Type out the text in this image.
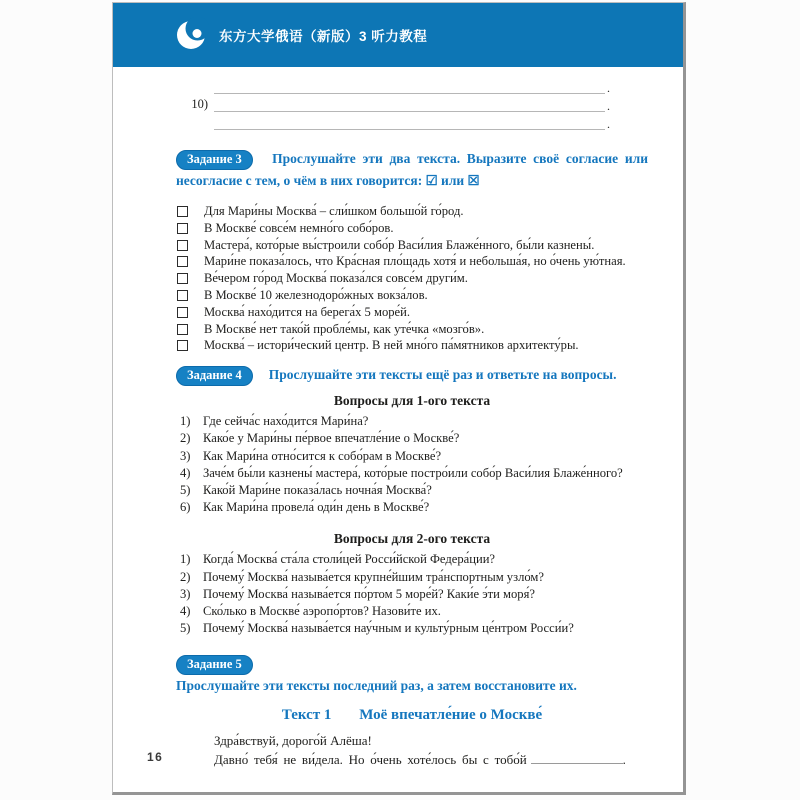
东方大学俄语（新版）3 听力教程
.
10)	.
.
Задание 3 Прослушайте эти два текста. Выразите своё согласие или несогласие с тем, о чём в них говорится: ☑ или ☒
Для Мари́ны Москва́ – сли́шком большо́й го́род.
В Москве́ совсе́м немно́го собо́ров.
Мастера́, кото́рые вы́строили собо́р Васи́лия Блаже́нного, бы́ли казнены́.
Мари́не показа́лось, что Кра́сная пло́щадь хотя́ и небольша́я, но о́чень ую́тная.
Ве́чером го́род Москва́ показа́лся совсе́м други́м.
В Москве́ 10 железнодоро́жных вокза́лов.
Москва́ нахо́дится на берега́х 5 море́й.
В Москве́ нет тако́й пробле́мы, как уте́чка «мозго́в».
Москва́ – истори́ческий центр. В ней мно́го па́мятников архитекту́ры.
Задание 4 Прослушайте эти тексты ещё раз и ответьте на вопросы.
Вопросы для 1-ого текста
1) Где сейча́с нахо́дится Мари́на?
2) Како́е у Мари́ны пе́рвое впечатле́ние о Москве́?
3) Как Мари́на отно́сится к собо́рам в Москве́?
4) Заче́м бы́ли казнены́ мастера́, кото́рые постро́или собо́р Васи́лия Блаже́нного?
5) Како́й Мари́не показа́лась ночна́я Москва́?
6) Как Мари́на провела́ оди́н день в Москве́?
Вопросы для 2-ого текста
1) Когда́ Москва́ ста́ла столи́цей Росси́йской Федера́ции?
2) Почему́ Москва́ называ́ется крупне́йшим тра́нспортным узло́м?
3) Почему́ Москва́ называ́ется по́ртом 5 море́й? Каки́е э́ти моря́?
4) Ско́лько в Москве́ аэропо́ртов? Назови́те их.
5) Почему́ Москва́ называ́ется нау́чным и культу́рным це́нтром Росси́и?
Задание 5 Прослушайте эти тексты последний раз, а затем восстановите их.
Текст 1 Моё впечатле́ние о Москве́
Здра́вствуй, дорого́й Алёша!
Давно́ тебя́ не ви́дела. Но о́чень хоте́лось бы с тобо́й	.
16
